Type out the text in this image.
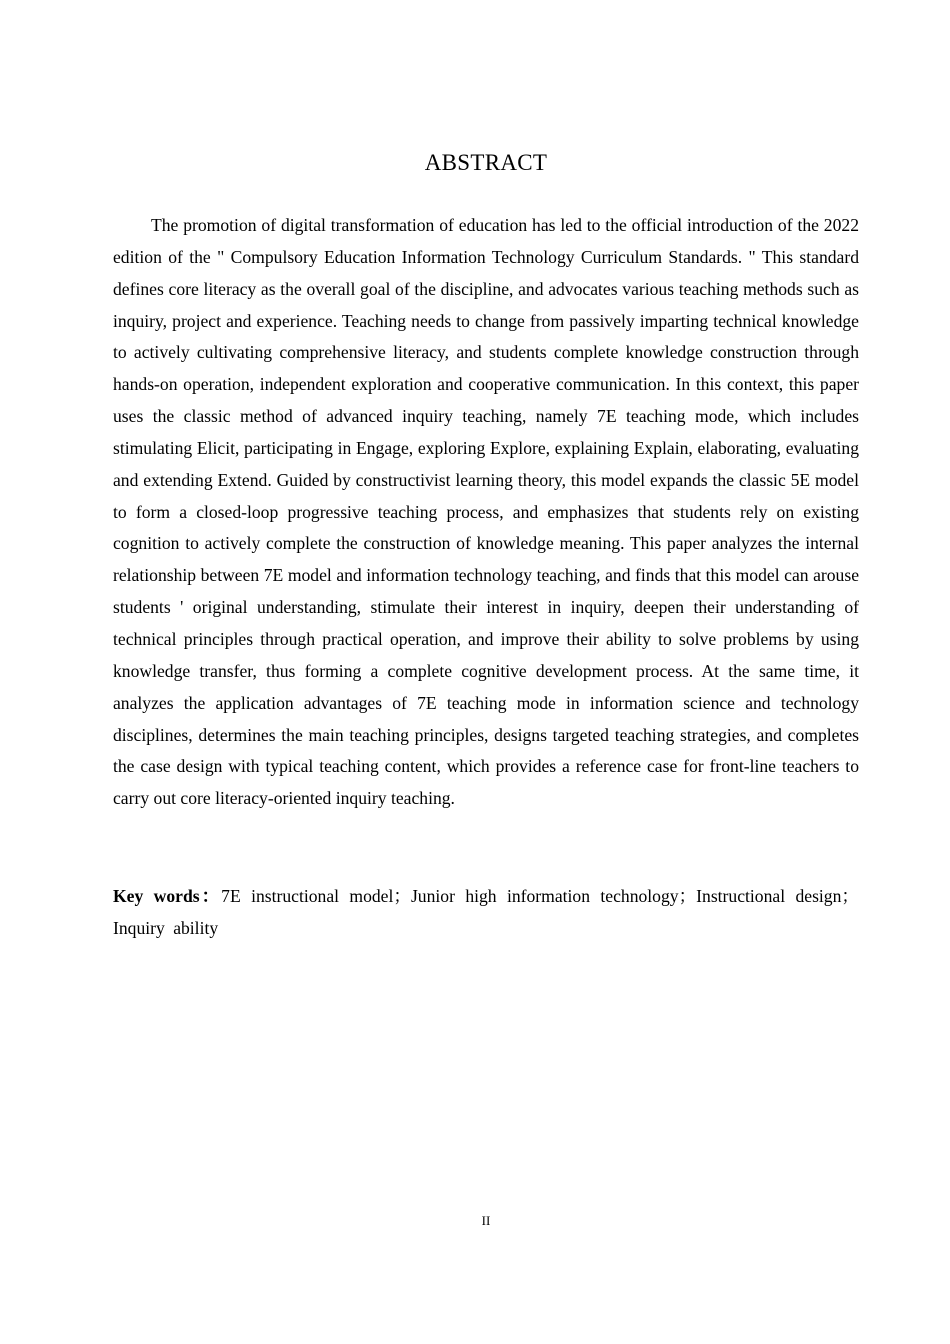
ABSTRACT

The promotion of digital transformation of education has led to the official introduction of the 2022 edition of the " Compulsory Education Information Technology Curriculum Standards. " This standard defines core literacy as the overall goal of the discipline, and advocates various teaching methods such as inquiry, project and experience. Teaching needs to change from passively imparting technical knowledge to actively cultivating comprehensive literacy, and students complete knowledge construction through hands-on operation, independent exploration and cooperative communication. In this context, this paper uses the classic method of advanced inquiry teaching, namely 7E teaching mode, which includes stimulating Elicit, participating in Engage, exploring Explore, explaining Explain, elaborating, evaluating and extending Extend. Guided by constructivist learning theory, this model expands the classic 5E model to form a closed-loop progressive teaching process, and emphasizes that students rely on existing cognition to actively complete the construction of knowledge meaning. This paper analyzes the internal relationship between 7E model and information technology teaching, and finds that this model can arouse students ' original understanding, stimulate their interest in inquiry, deepen their understanding of technical principles through practical operation, and improve their ability to solve problems by using knowledge transfer, thus forming a complete cognitive development process. At the same time, it analyzes the application advantages of 7E teaching mode in information science and technology disciplines, determines the main teaching principles, designs targeted teaching strategies, and completes the case design with typical teaching content, which provides a reference case for front-line teachers to carry out core literacy-oriented inquiry teaching.

Key words：7E instructional model；Junior high information technology；Instructional design； Inquiry ability

II
